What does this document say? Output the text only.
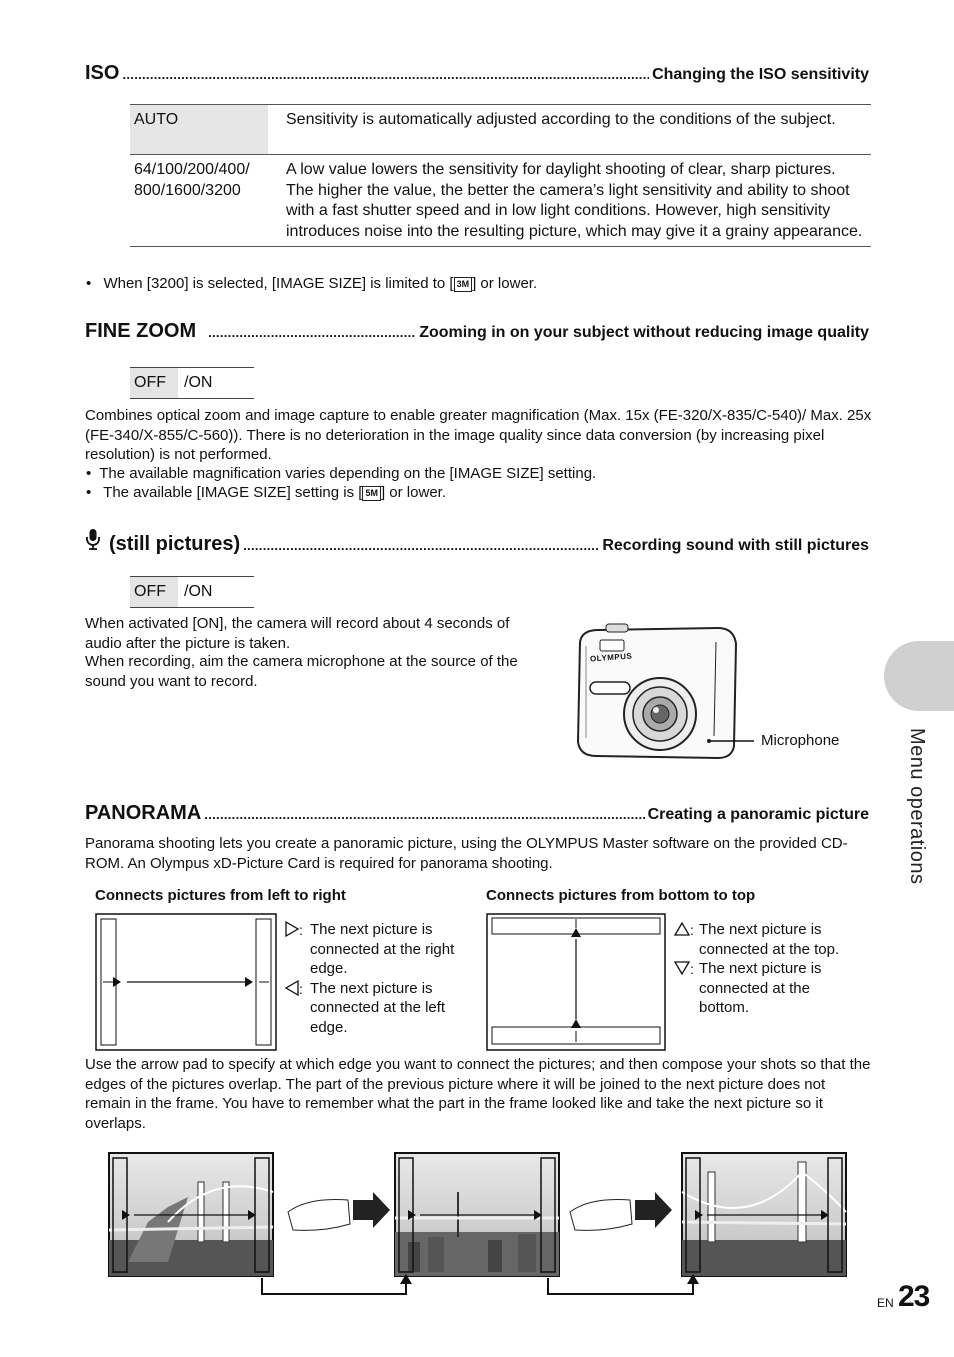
ISO .....	Changing the ISO sensitivity
AUTO	Sensitivity is automatically adjusted according to the conditions of the subject.
64/100/200/400/ 800/1600/3200	A low value lowers the sensitivity for daylight shooting of clear, sharp pictures. The higher the value, the better the camera’s light sensitivity and ability to shoot with a fast shutter speed and in low light conditions. However, high sensitivity introduces noise into the resulting picture, which may give it a grainy appearance.
• When [3200] is selected, [IMAGE SIZE] is limited to [ 3M ] or lower.
FINE ZOOM .....	Zooming in on your subject without reducing image quality
OFF	/ON
Combines optical zoom and image capture to enable greater magnification (Max. 15x (FE-320/X-835/C-540)/ Max. 25x (FE-340/X-855/C-560)). There is no deterioration in the image quality since data conversion (by increasing pixel resolution) is not performed.
• The available magnification varies depending on the [IMAGE SIZE] setting.
• The available [IMAGE SIZE] setting is [ 5M ] or lower.
(still pictures) .....	Recording sound with still pictures
OFF	/ON
When activated [ON], the camera will record about 4 seconds of audio after the picture is taken.
When recording, aim the camera microphone at the source of the sound you want to record.
OLYMPUS
Microphone
PANORAMA .....	Creating a panoramic picture
Panorama shooting lets you create a panoramic picture, using the OLYMPUS Master software on the provided CD-ROM. An Olympus xD-Picture Card is required for panorama shooting.
Connects pictures from left to right	Connects pictures from bottom to top
: The next picture is connected at the right edge.
: The next picture is connected at the left edge.
: The next picture is connected at the top.
: The next picture is connected at the bottom.
Use the arrow pad to specify at which edge you want to connect the pictures; and then compose your shots so that the edges of the pictures overlap. The part of the previous picture where it will be joined to the next picture does not remain in the frame. You have to remember what the part in the frame looked like and take the next picture so it overlaps.
Menu operations
EN 23
